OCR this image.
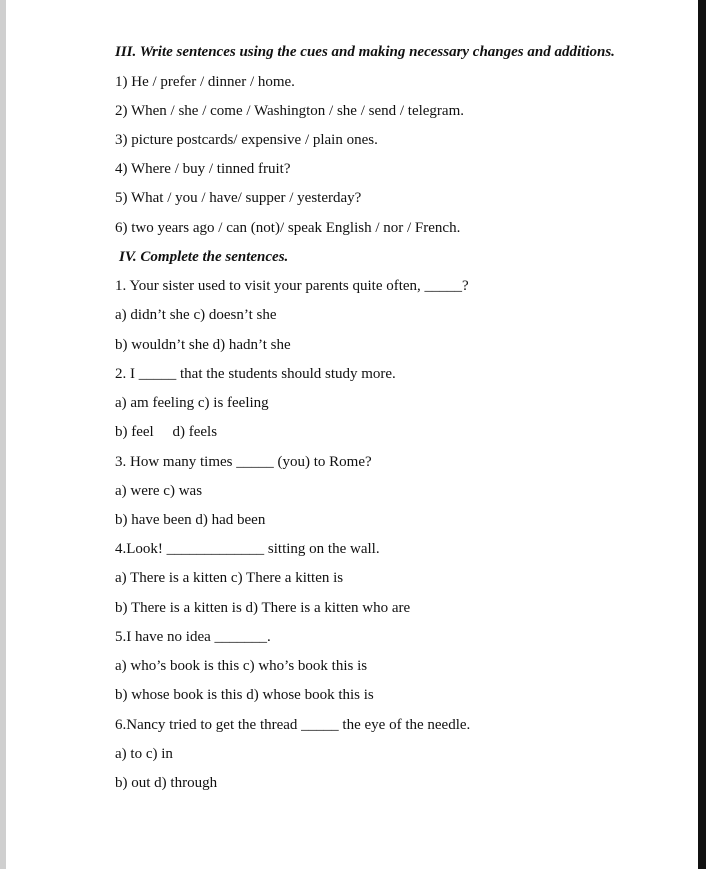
III. Write sentences using the cues and making necessary changes and additions.
1) He / prefer / dinner / home.
2) When / she / come / Washington / she / send / telegram.
3) picture postcards/ expensive / plain ones.
4) Where / buy / tinned fruit?
5) What / you / have/ supper / yesterday?
6) two years ago / can (not)/ speak English / nor / French.
IV. Complete the sentences.
1. Your sister used to visit your parents quite often, _____?
a) didn’t she c) doesn’t she
b) wouldn’t she d) hadn’t she
2. I _____ that the students should study more.
a) am feeling c) is feeling
b) feel     d) feels
3. How many times _____ (you) to Rome?
a) were c) was
b) have been d) had been
4.Look! _____________ sitting on the wall.
a) There is a kitten c) There a kitten is
b) There is a kitten is d) There is a kitten who are
5.I have no idea _______.
a) who’s book is this c) who’s book this is
b) whose book is this d) whose book this is
6.Nancy tried to get the thread _____ the eye of the needle.
a) to c) in
b) out d) through
